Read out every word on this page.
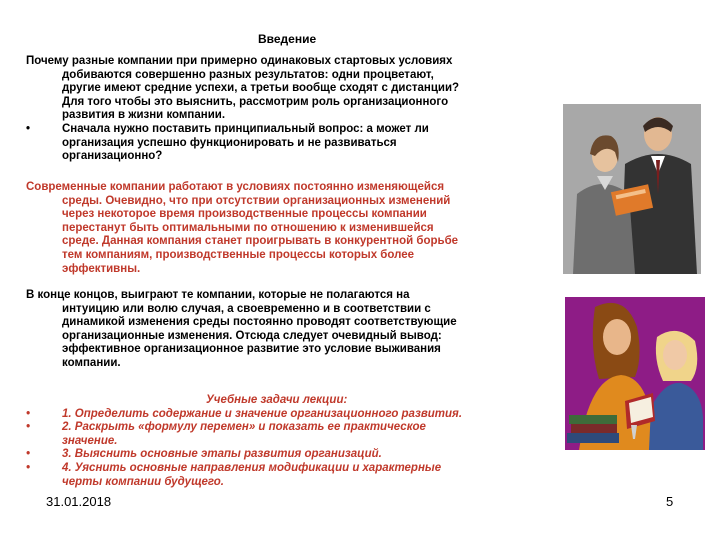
Введение
Почему разные компании при примерно одинаковых стартовых условиях
добиваются совершенно разных результатов: одни процветают,
другие имеют средние успехи, а третьи вообще сходят с дистанции?
Для того чтобы это выяснить, рассмотрим роль организационного
развития в жизни компании.
•	Сначала нужно поставить принципиальный вопрос: а может ли
организация успешно функционировать и не развиваться
организационно?
Современные компании работают в условиях постоянно изменяющейся
среды. Очевидно, что при отсутствии организационных изменений
через некоторое время производственные процессы компании
перестанут быть оптимальными по отношению к изменившейся
среде. Данная компания станет проигрывать в конкурентной борьбе
тем компаниям, производственные процессы которых более
эффективны.
В конце концов, выиграют те компании, которые не полагаются на
интуицию или волю случая, а своевременно и в соответствии с
динамикой изменения среды постоянно проводят соответствующие
организационные изменения. Отсюда следует очевидный вывод:
эффективное организационное развитие это условие выживания
компании.
Учебные задачи лекции:
•	1. Определить содержание и значение организационного развития.
•	2. Раскрыть «формулу перемен» и показать ее практическое
значение.
•	3. Выяснить основные этапы развития организаций.
•	4. Уяснить основные направления модификации и характерные
черты компании будущего.
31.01.2018	5
